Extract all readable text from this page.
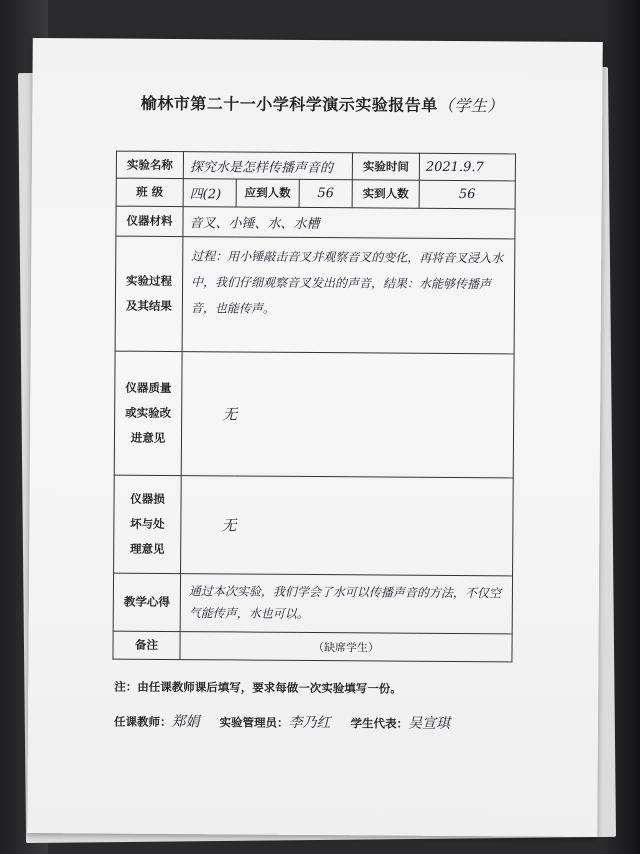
榆林市第二十一小学科学演示实验报告单（学生）
实验名称	探究水是怎样传播声音的			实验时间	2021.9.7
班 级	四(2)	应到人数	56	实到人数	56
仪器材料	音叉、小锤、水、水槽				

实验过程
及其结果	过程：用小锤敲击音叉并观察音叉的变化，再将音叉浸入水中，我们仔细观察音叉发出的声音，结果：水能够传播声音，也能传声。				

仪器质量
或实验改
进意见	无				

仪器损
坏与处
理意见	无				
教学心得	通过本次实验，我们学会了水可以传播声音的方法，不仅空气能传声，水也可以。				
备注	（缺席学生）				
注：由任课教师课后填写，要求每做一次实验填写一份。
任课教师：郑娟 实验管理员：李乃红 学生代表：吴宣琪
